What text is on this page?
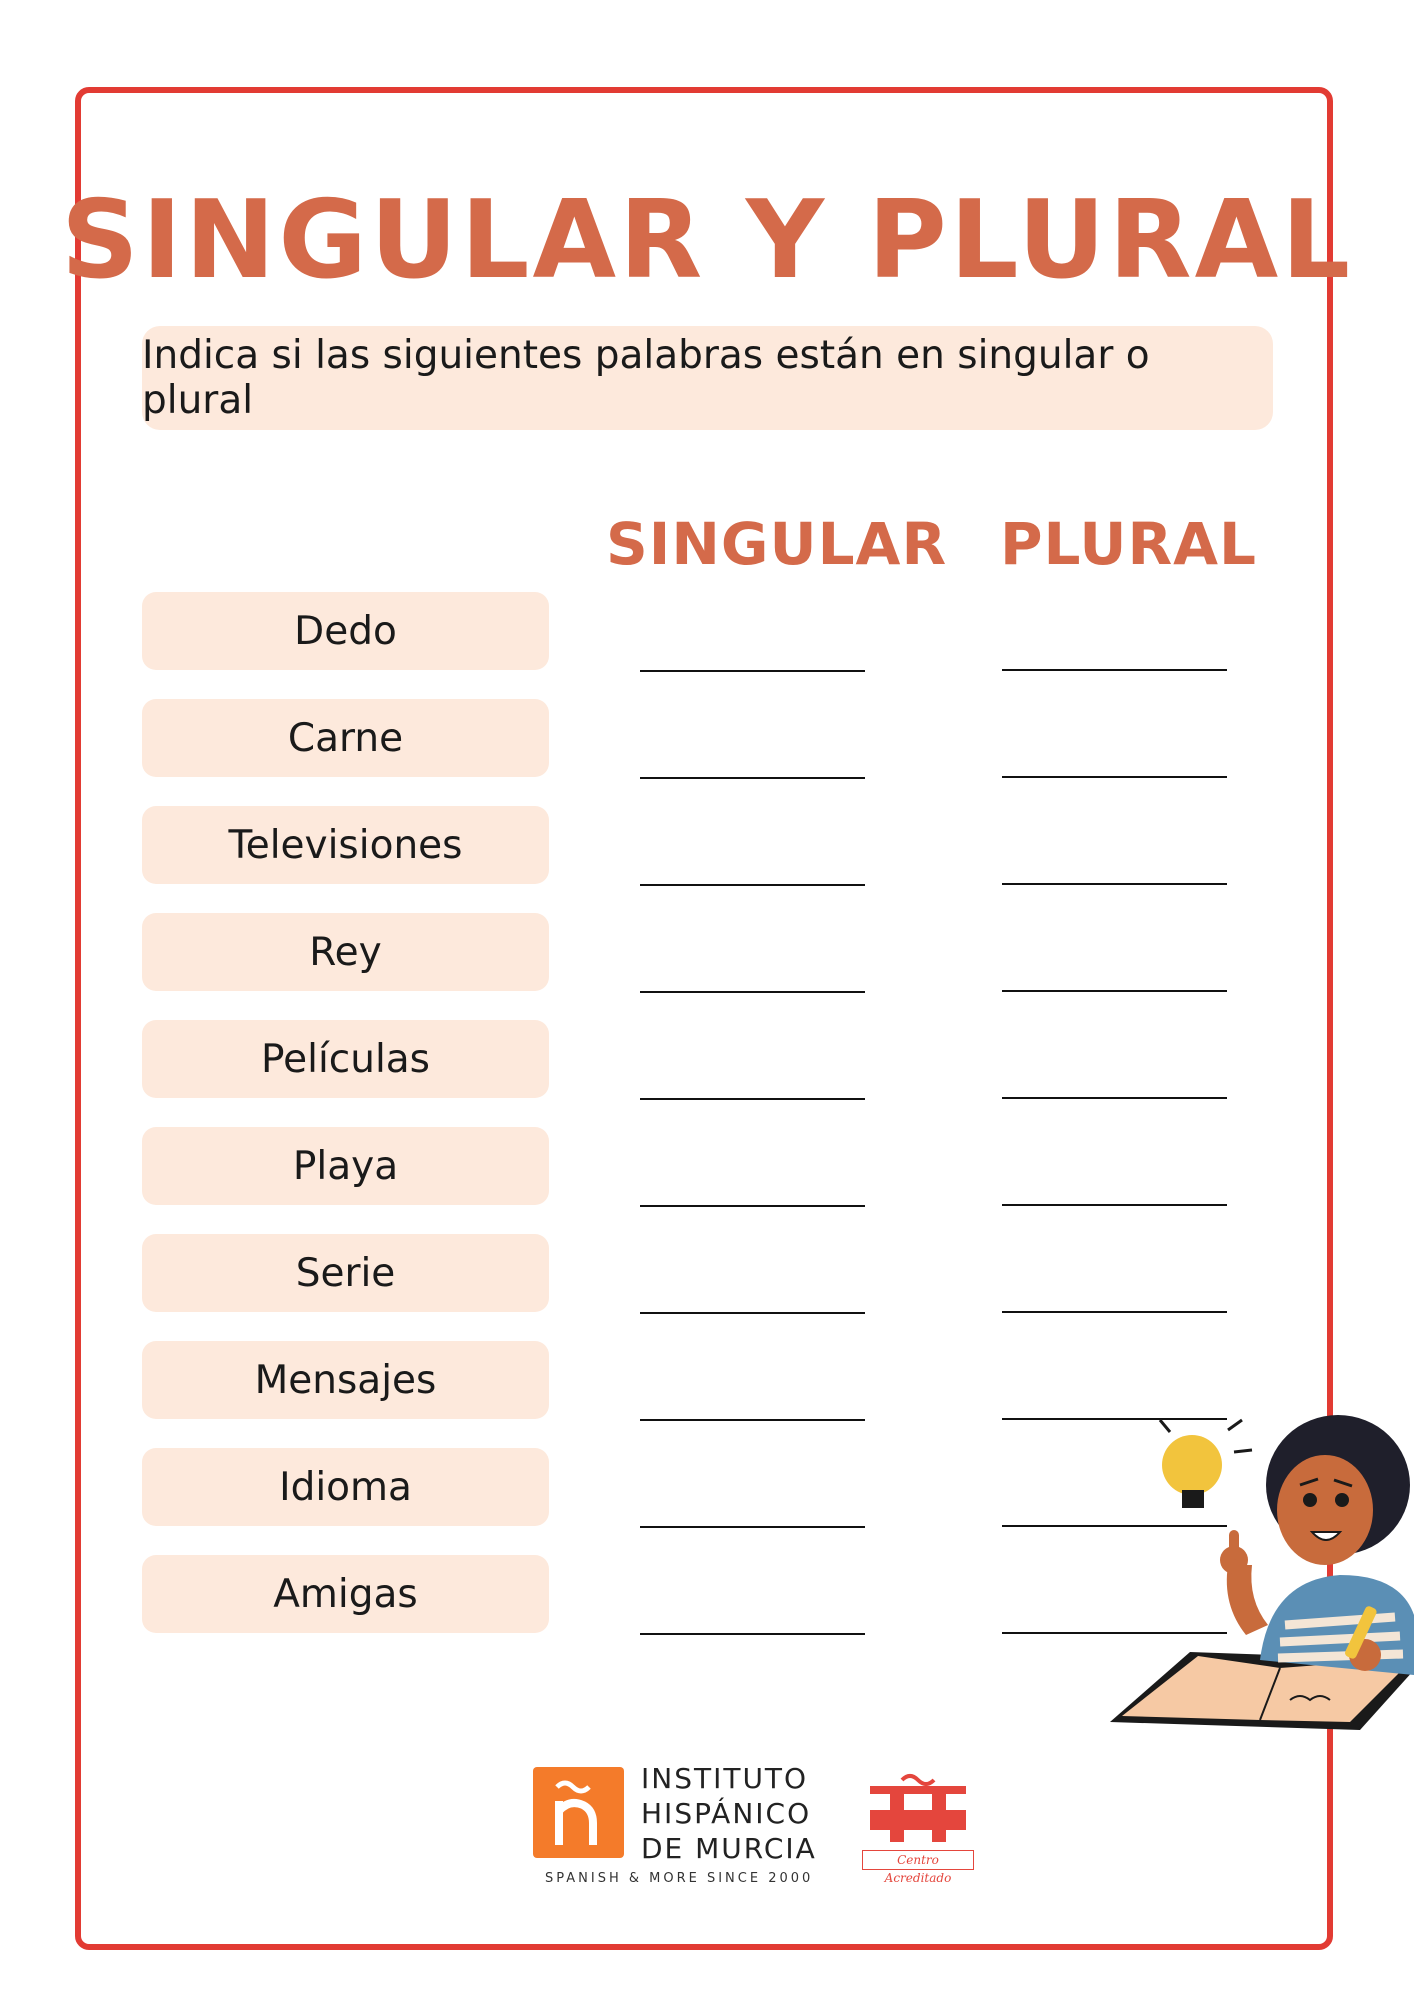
SINGULAR Y PLURAL
Indica si las siguientes palabras están en singular o plural
SINGULAR PLURAL
Dedo
Carne
Televisiones
Rey
Películas
Playa
Serie
Mensajes
Idioma
Amigas
INSTITUTO
HISPÁNICO
DE MURCIA
SPANISH & MORE SINCE 2000
Centro Acreditado
